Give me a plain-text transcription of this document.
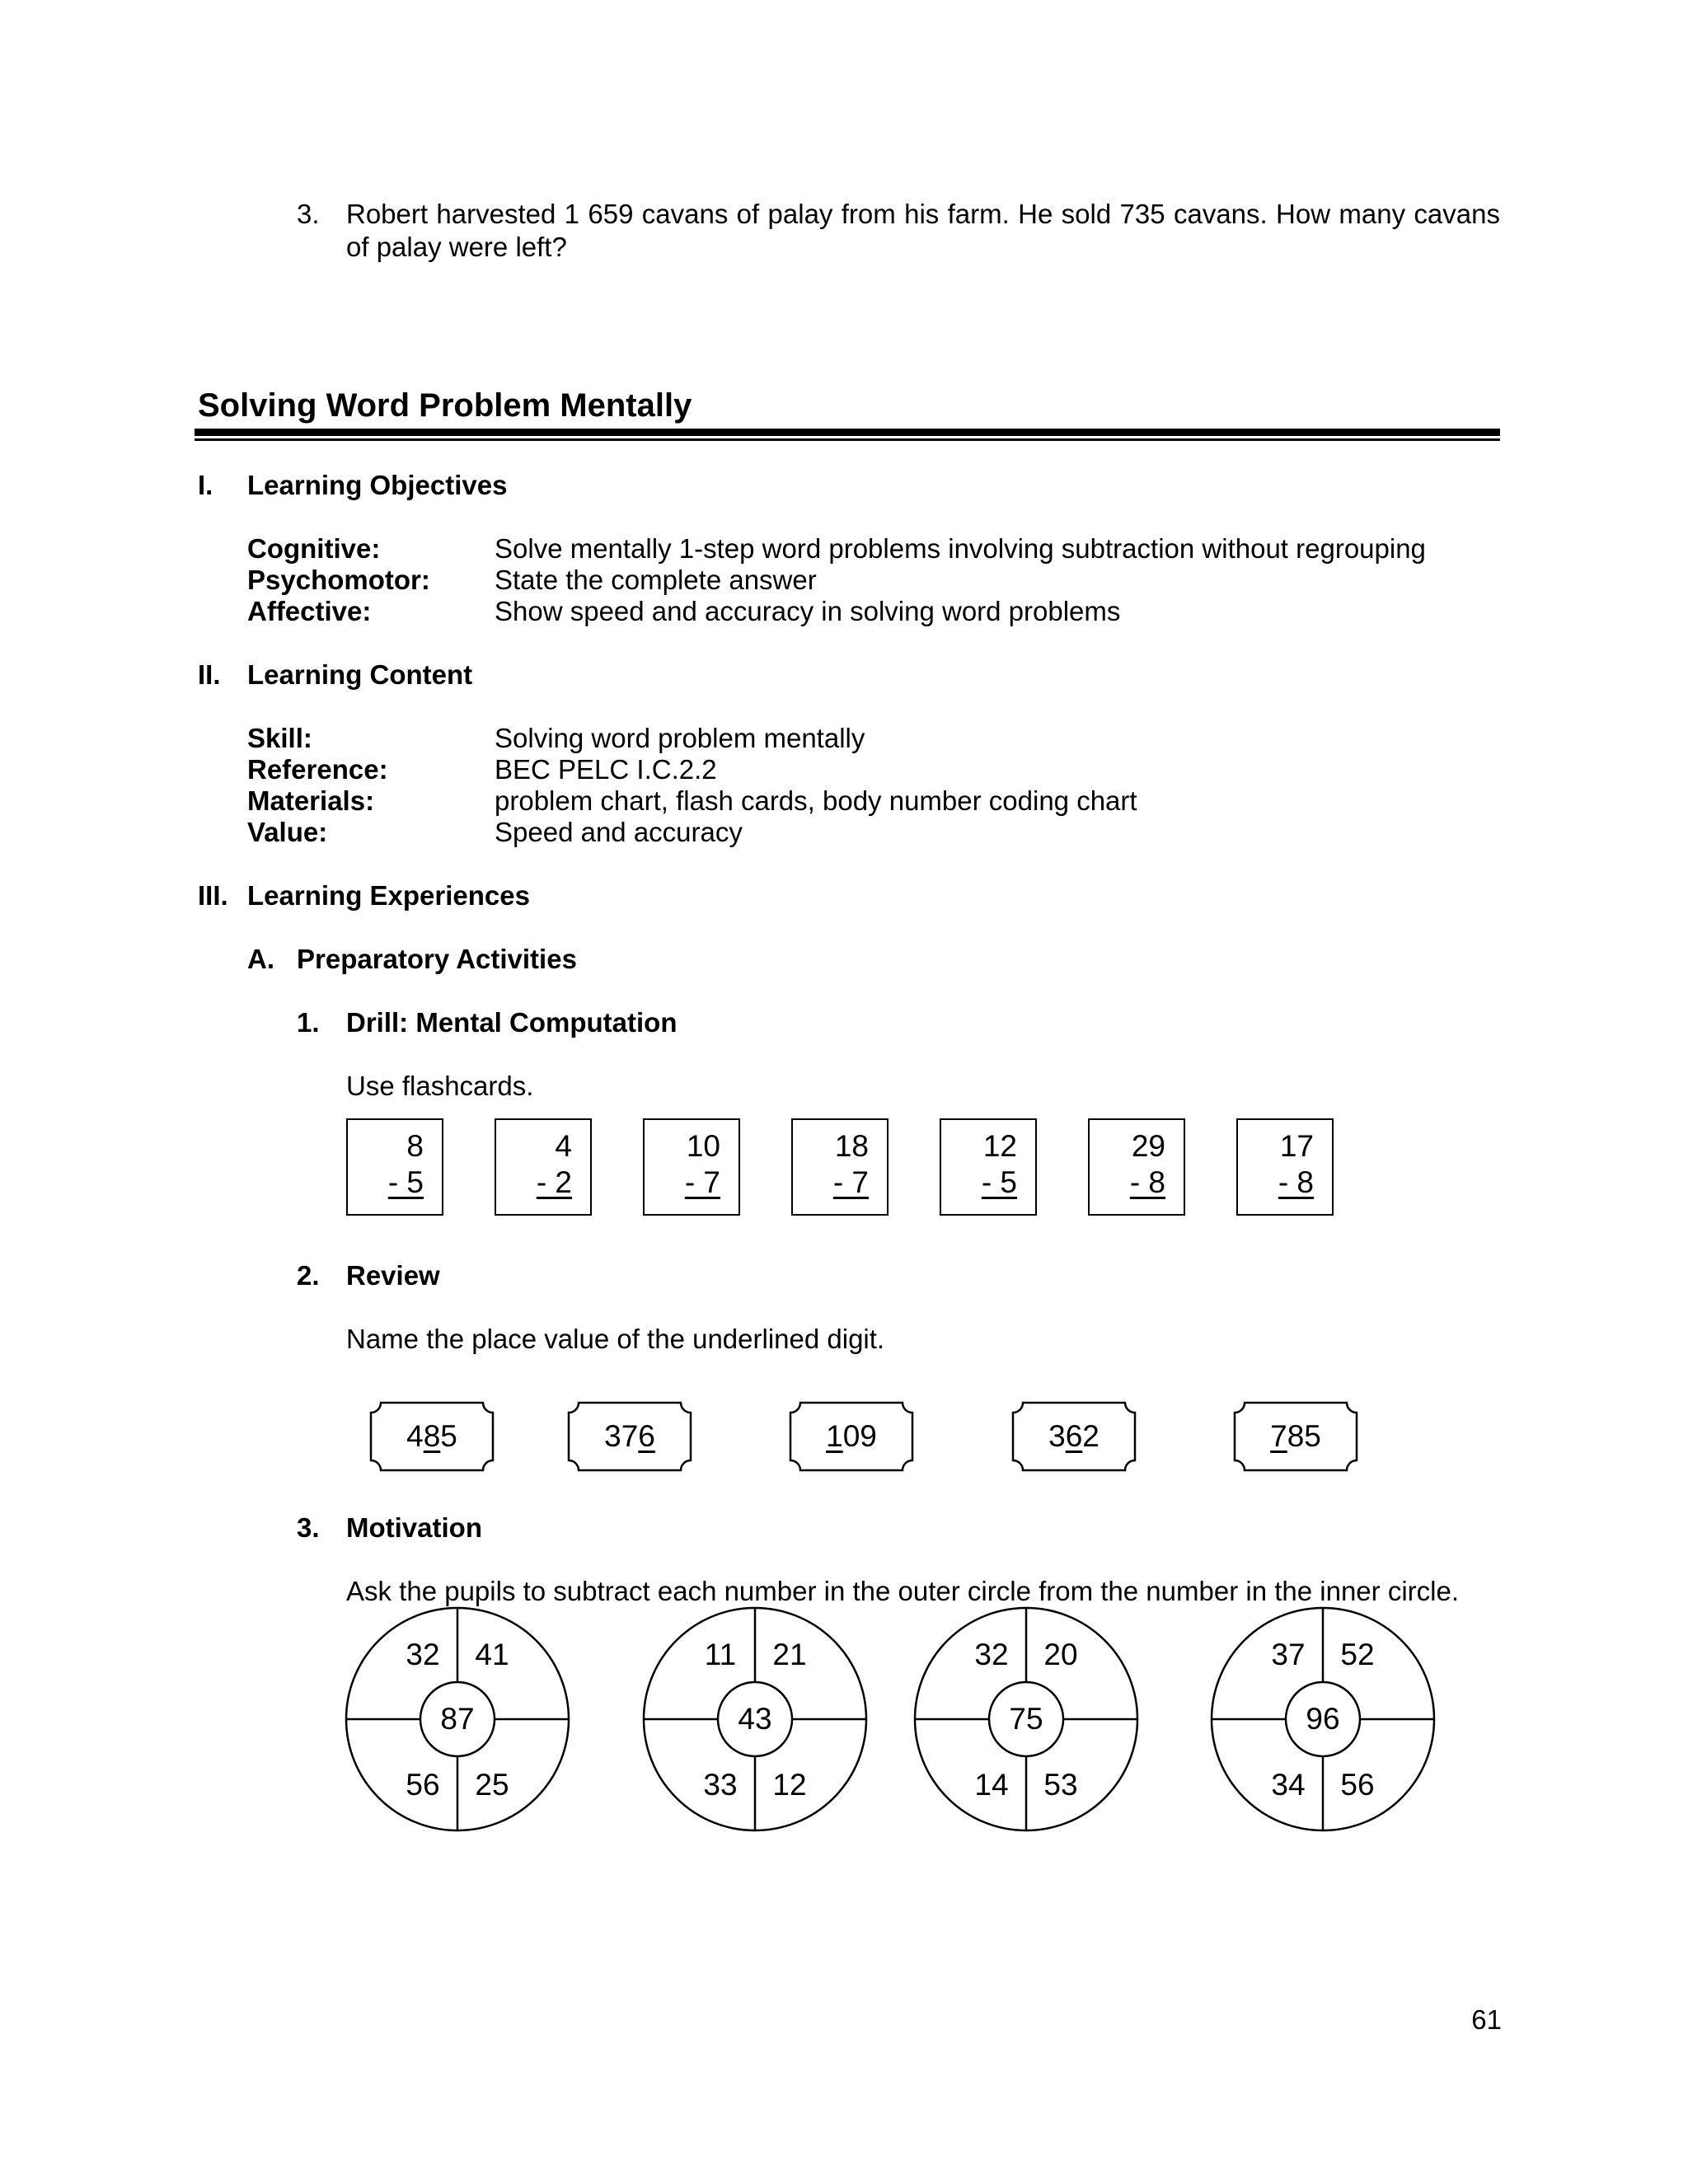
3. Robert harvested 1 659 cavans of palay from his farm. He sold 735 cavans. How many cavans of palay were left?
Solving Word Problem Mentally
I. Learning Objectives
Cognitive:	Solve mentally 1-step word problems involving subtraction without regrouping
Psychomotor: State the complete answer
Affective:	Show speed and accuracy in solving word problems
II. Learning Content
Skill:	Solving word problem mentally
Reference:	BEC PELC I.C.2.2
Materials:	problem chart, flash cards, body number coding chart
Value:	Speed and accuracy
III. Learning Experiences
A. Preparatory Activities
1. Drill: Mental Computation
Use flashcards.
8
- 5
4
- 2
10
- 7
18
- 7
12
- 5
29
- 8
17
- 8
2. Review
Name the place value of the underlined digit.
485	376	109	362	785
3. Motivation
Ask the pupils to subtract each number in the outer circle from the number in the inner circle.
32	41
87
56	25
11	21
43
33	12
32	20
75
14	53
37	52
96
34	56
61
